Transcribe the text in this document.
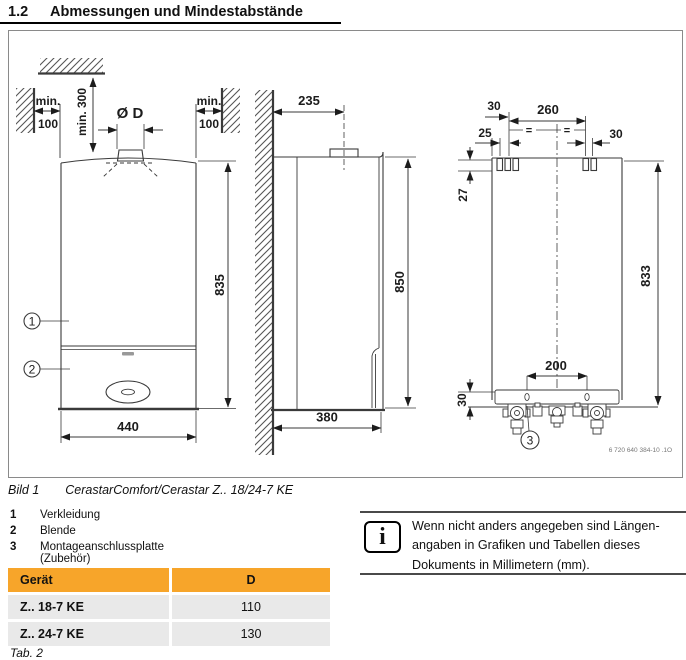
1.2 Abmessungen und Mindestabstände
min. 300
min.
100
min.
100
Ø D
1
2
835
440
235
850
380
30
25
260
=	=	30
27
833
200
30
3
6 720 640 384-10 .1O
Bild 1 CerastarComfort/Cerastar Z.. 18/24-7 KE
1 Verkleidung
2 Blende
3 Montageanschlussplatte (Zubehör)
i	Wenn nicht anders angegeben sind Längen-
angaben in Grafiken und Tabellen dieses
Dokuments in Millimetern (mm).
Gerät	D
Z.. 18-7 KE	110
Z.. 24-7 KE	130
Tab. 2
